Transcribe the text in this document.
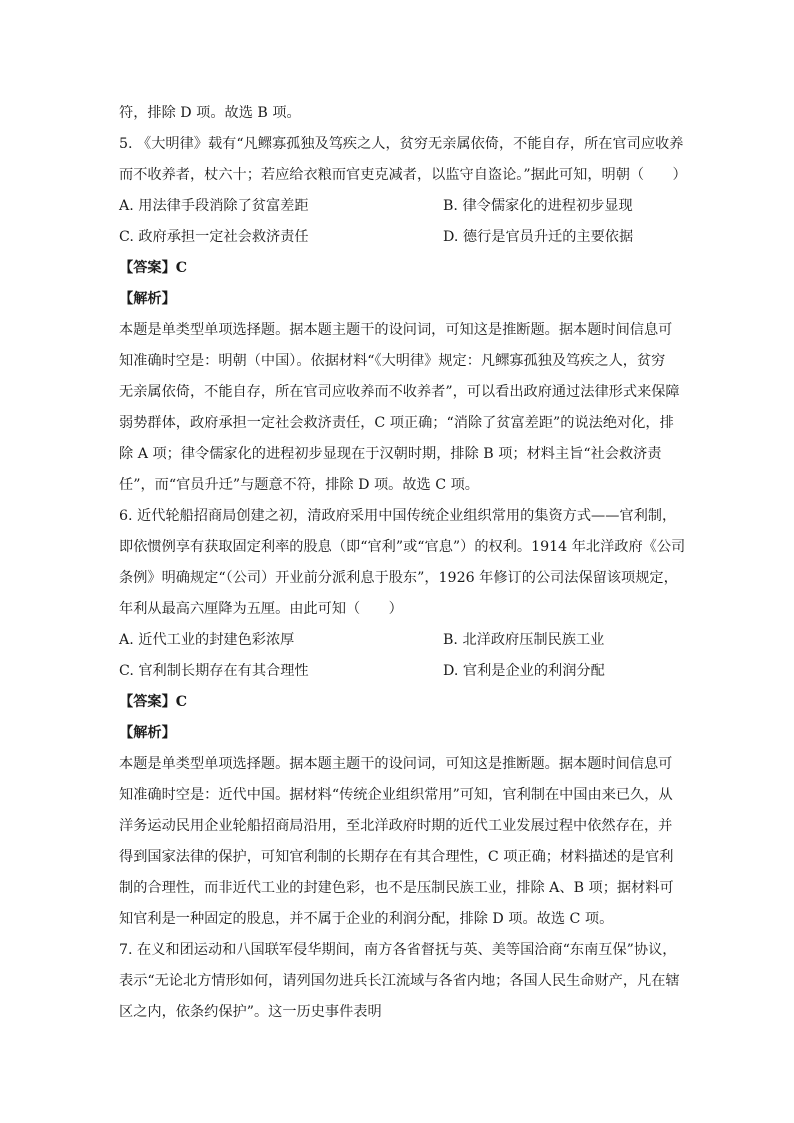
符，排除 D 项。故选 B 项。
5. 《大明律》载有“凡鳏寡孤独及笃疾之人，贫穷无亲属依倚，不能自存，所在官司应收养
而不收养者，杖六十；若应给衣粮而官吏克减者，以监守自盗论。”据此可知，明朝（　　）
A. 用法律手段消除了贫富差距	B. 律令儒家化的进程初步显现
C. 政府承担一定社会救济责任	D. 德行是官员升迁的主要依据
【答案】C
【解析】
本题是单类型单项选择题。据本题主题干的设问词，可知这是推断题。据本题时间信息可
知准确时空是：明朝（中国）。依据材料“《大明律》规定：凡鳏寡孤独及笃疾之人，贫穷
无亲属依倚，不能自存，所在官司应收养而不收养者”，可以看出政府通过法律形式来保障
弱势群体，政府承担一定社会救济责任，C 项正确；“消除了贫富差距”的说法绝对化，排
除 A 项；律令儒家化的进程初步显现在于汉朝时期，排除 B 项；材料主旨“社会救济责
任”，而“官员升迁”与题意不符，排除 D 项。故选 C 项。
6. 近代轮船招商局创建之初，清政府采用中国传统企业组织常用的集资方式——官利制，
即依惯例享有获取固定利率的股息（即“官利”或“官息”）的权利。1914 年北洋政府《公司
条例》明确规定“（公司）开业前分派利息于股东”，1926 年修订的公司法保留该项规定，
年利从最高六厘降为五厘。由此可知（　　）
A. 近代工业的封建色彩浓厚	B. 北洋政府压制民族工业
C. 官利制长期存在有其合理性	D. 官利是企业的利润分配
【答案】C
【解析】
本题是单类型单项选择题。据本题主题干的设问词，可知这是推断题。据本题时间信息可
知准确时空是：近代中国。据材料“传统企业组织常用”可知，官利制在中国由来已久，从
洋务运动民用企业轮船招商局沿用，至北洋政府时期的近代工业发展过程中依然存在，并
得到国家法律的保护，可知官利制的长期存在有其合理性，C 项正确；材料描述的是官利
制的合理性，而非近代工业的封建色彩，也不是压制民族工业，排除 A、B 项；据材料可
知官利是一种固定的股息，并不属于企业的利润分配，排除 D 项。故选 C 项。
7. 在义和团运动和八国联军侵华期间，南方各省督抚与英、美等国洽商“东南互保”协议，
表示“无论北方情形如何，请列国勿进兵长江流域与各省内地；各国人民生命财产，凡在辖
区之内，依条约保护”。这一历史事件表明
